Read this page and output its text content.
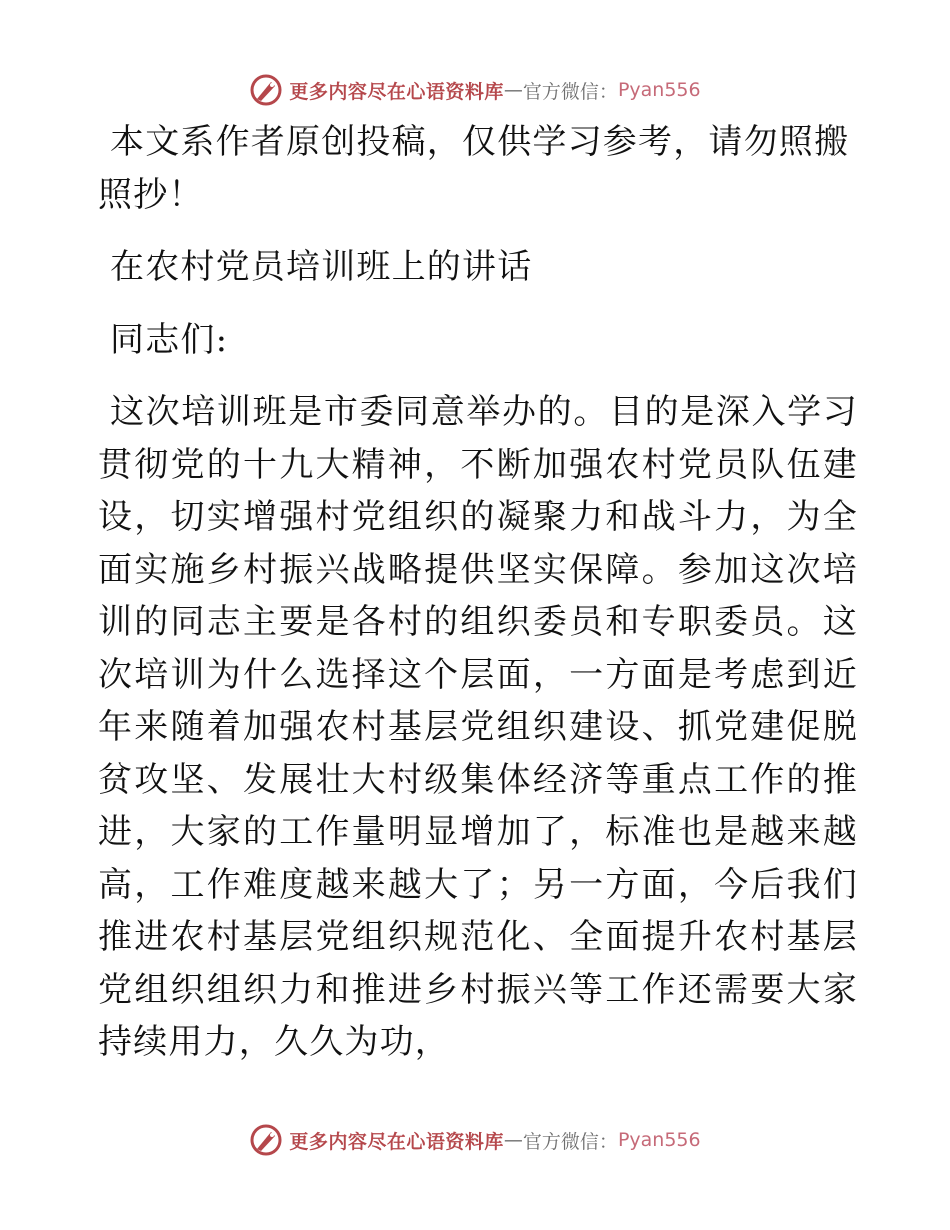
更多内容尽在心语资料库 — 官方微信： Pyan556

本文系作者原创投稿，仅供学习参考，请勿照搬照抄！

在农村党员培训班上的讲话

同志们:

这次培训班是市委同意举办的。目的是深入学习贯彻党的十九大精神，不断加强农村党员队伍建设，切实增强村党组织的凝聚力和战斗力，为全面实施乡村振兴战略提供坚实保障。参加这次培训的同志主要是各村的组织委员和专职委员。这次培训为什么选择这个层面，一方面是考虑到近年来随着加强农村基层党组织建设、抓党建促脱贫攻坚、发展壮大村级集体经济等重点工作的推进，大家的工作量明显增加了，标准也是越来越高，工作难度越来越大了；另一方面，今后我们推进农村基层党组织规范化、全面提升农村基层党组织组织力和推进乡村振兴等工作还需要大家持续用力，久久为功，

更多内容尽在心语资料库 — 官方微信： Pyan556
